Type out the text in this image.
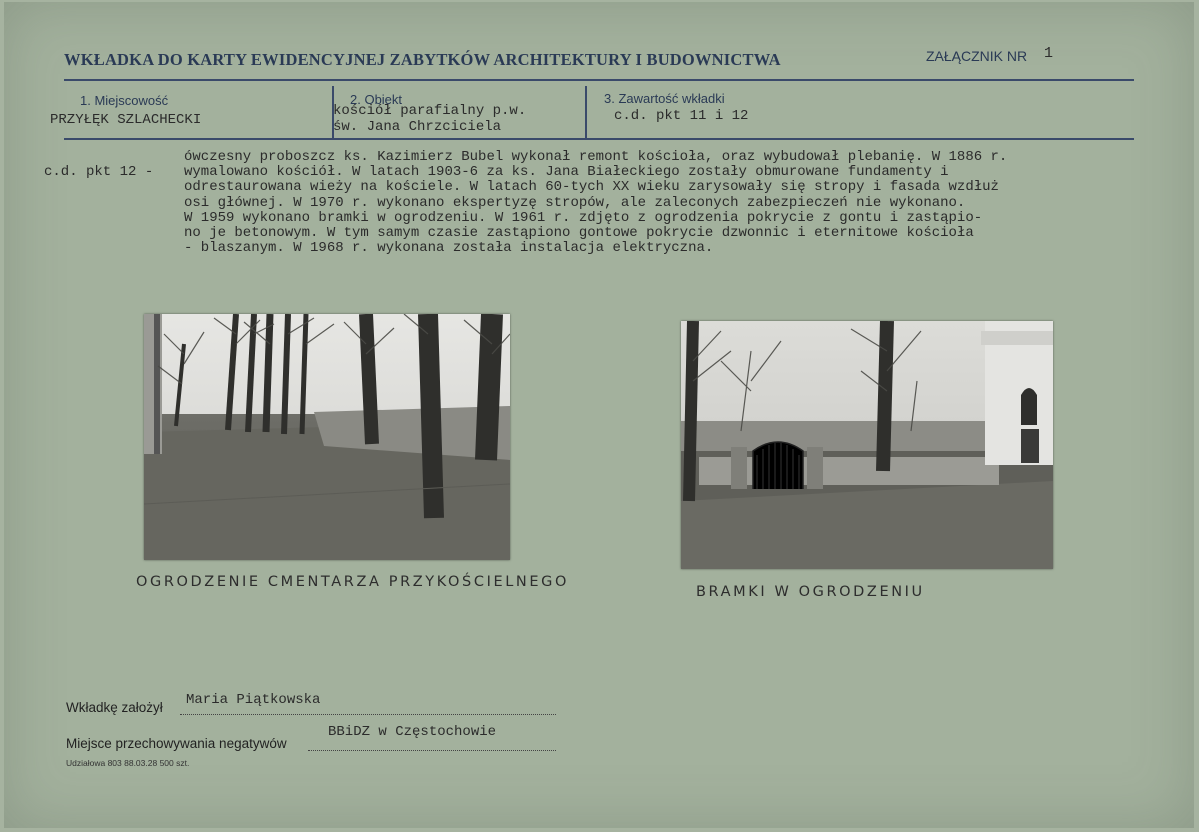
WKŁADKA DO KARTY EWIDENCYJNEJ ZABYTKÓW ARCHITEKTURY I BUDOWNICTWA	ZAŁĄCZNIK NR 1
1. Miejscowość
PRZYŁĘK SZLACHECKI
2. Obiekt
kościół parafialny p.w.
św. Jana Chrzciciela
3. Zawartość wkładki
c.d. pkt 11 i 12
c.d. pkt 12 -
ówczesny proboszcz ks. Kazimierz Bubel wykonał remont kościoła, oraz wybudował plebanię. W 1886 r.
wymalowano kościół. W latach 1903-6 za ks. Jana Białeckiego zostały obmurowane fundamenty i
odrestaurowana wieży na kościele. W latach 60-tych XX wieku zarysowały się stropy i fasada wzdłuż
osi głównej. W 1970 r. wykonano ekspertyzę stropów, ale zaleconych zabezpieczeń nie wykonano.
W 1959 wykonano bramki w ogrodzeniu. W 1961 r. zdjęto z ogrodzenia pokrycie z gontu i zastąpio-
no je betonowym. W tym samym czasie zastąpiono gontowe pokrycie dzwonnic i eternitowe kościoła
- blaszanym. W 1968 r. wykonana została instalacja elektryczna.
OGRODZENIE CMENTARZA PRZYKOŚCIELNEGO
BRAMKI W OGRODZENIU
Wkładkę założył Maria Piątkowska
Miejsce przechowywania negatywów
BBiDZ w Częstochowie
Udziałowa 803 88.03.28 500 szt.
